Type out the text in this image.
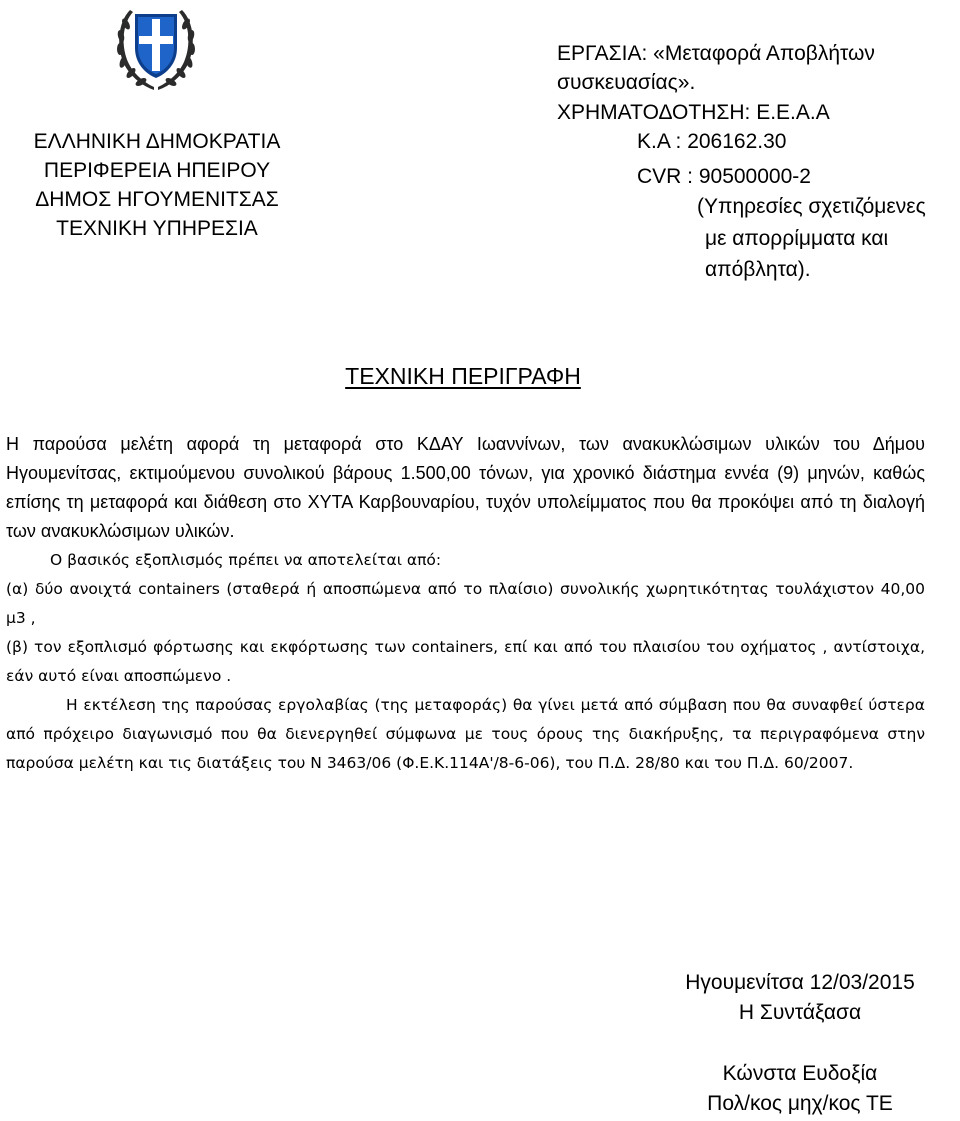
ΕΛΛΗΝΙΚΗ ΔΗΜΟΚΡΑΤΙΑ
ΠΕΡΙΦΕΡΕΙΑ ΗΠΕΙΡΟΥ
ΔΗΜΟΣ ΗΓΟΥΜΕΝΙΤΣΑΣ
ΤΕΧΝΙΚΗ ΥΠΗΡΕΣΙΑ
ΕΡΓΑΣΙΑ: «Μεταφορά Αποβλήτων
συσκευασίας».
ΧΡΗΜΑΤΟΔΟΤΗΣΗ: Ε.Ε.Α.Α
Κ.Α : 206162.30
CVR : 90500000-2
(Υπηρεσίες σχετιζόμενες
με απορρίμματα και
απόβλητα).
ΤΕΧΝΙΚΗ ΠΕΡΙΓΡΑΦΗ

Η παρούσα μελέτη αφορά τη μεταφορά στο ΚΔΑΥ Ιωαννίνων, των ανακυκλώσιμων υλικών του Δήμου Ηγουμενίτσας, εκτιμούμενου συνολικού βάρους 1.500,00 τόνων, για χρονικό διάστημα εννέα (9) μηνών, καθώς επίσης τη μεταφορά και διάθεση στο ΧΥΤΑ Καρβουναρίου, τυχόν υπολείμματος που θα προκόψει από τη διαλογή των ανακυκλώσιμων υλικών.

Ο βασικός εξοπλισμός πρέπει να αποτελείται από:

(α) δύο ανοιχτά containers (σταθερά ή αποσπώμενα από το πλαίσιο) συνολικής χωρητικότητας τουλάχιστον 40,00 μ3 ,

(β) τον εξοπλισμό φόρτωσης και εκφόρτωσης των containers, επί και από του πλαισίου του οχήματος , αντίστοιχα, εάν αυτό είναι αποσπώμενο .

Η εκτέλεση της παρούσας εργολαβίας (της μεταφοράς) θα γίνει μετά από σύμβαση που θα συναφθεί ύστερα από πρόχειρο διαγωνισμό που θα διενεργηθεί σύμφωνα με τους όρους της διακήρυξης, τα περιγραφόμενα στην παρούσα μελέτη και τις διατάξεις του Ν 3463/06 (Φ.Ε.Κ.114Α'/8-6-06), του Π.Δ. 28/80 και του Π.Δ. 60/2007.

Ηγουμενίτσα 12/03/2015
Η Συντάξασα
Κώνστα Ευδοξία
Πολ/κος μηχ/κος ΤΕ
